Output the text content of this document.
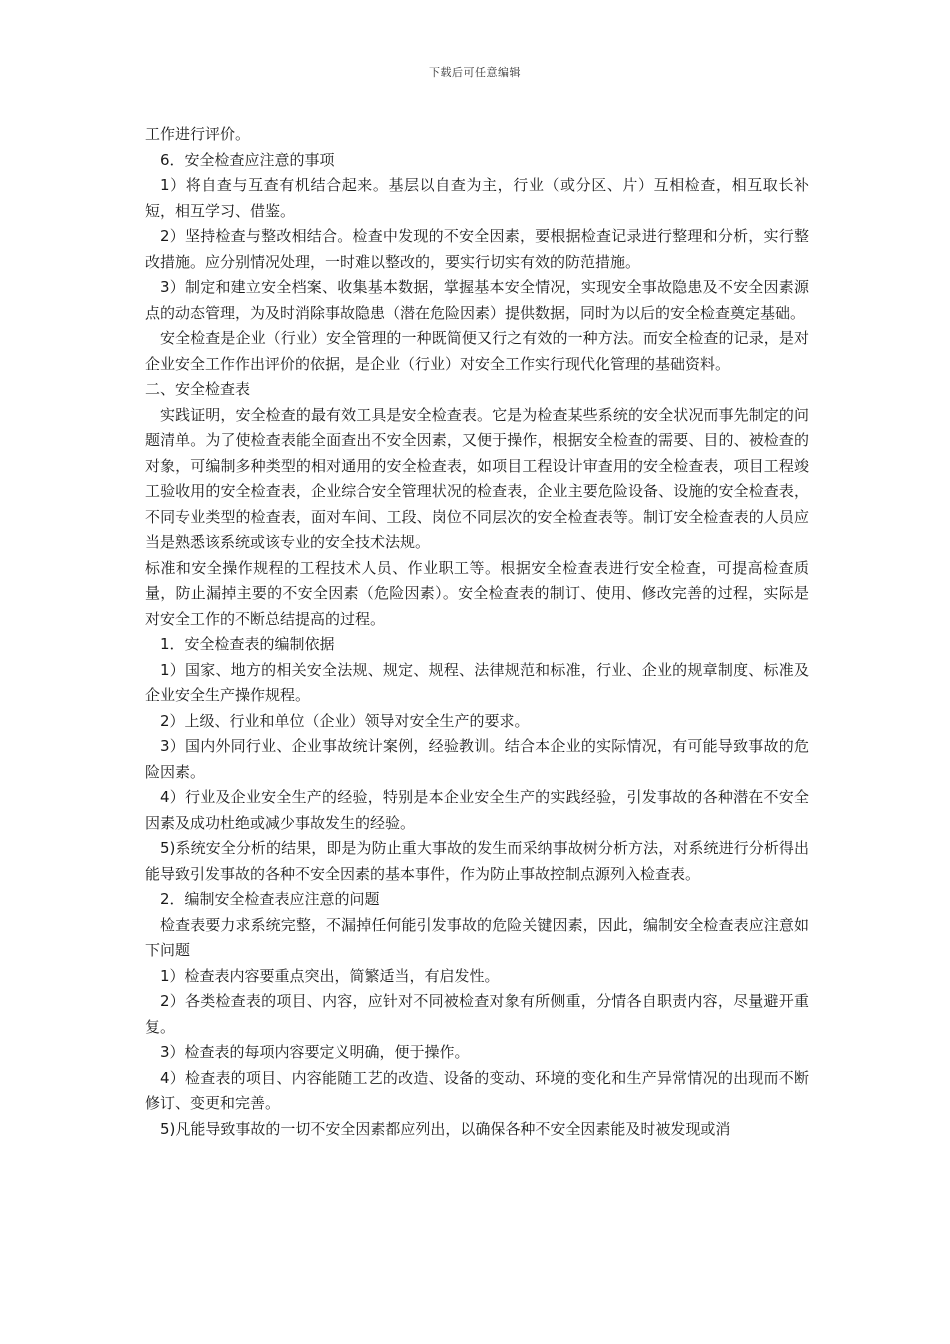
下载后可任意编辑

工作进行评价。

6．安全检查应注意的事项

1）将自查与互查有机结合起来。基层以自查为主，行业（或分区、片）互相检查，相互取长补短，相互学习、借鉴。

2）坚持检查与整改相结合。检查中发现的不安全因素，要根据检查记录进行整理和分析，实行整改措施。应分别情况处理，一时难以整改的，要实行切实有效的防范措施。

3）制定和建立安全档案、收集基本数据，掌握基本安全情况，实现安全事故隐患及不安全因素源点的动态管理，为及时消除事故隐患（潜在危险因素）提供数据，同时为以后的安全检查奠定基础。

安全检查是企业（行业）安全管理的一种既简便又行之有效的一种方法。而安全检查的记录，是对企业安全工作作出评价的依据，是企业（行业）对安全工作实行现代化管理的基础资料。

二、安全检查表

实践证明，安全检查的最有效工具是安全检查表。它是为检查某些系统的安全状况而事先制定的问题清单。为了使检查表能全面查出不安全因素，又便于操作，根据安全检查的需要、目的、被检查的对象，可编制多种类型的相对通用的安全检查表，如项目工程设计审查用的安全检查表，项目工程竣工验收用的安全检查表，企业综合安全管理状况的检查表，企业主要危险设备、设施的安全检查表，不同专业类型的检查表，面对车间、工段、岗位不同层次的安全检查表等。制订安全检查表的人员应当是熟悉该系统或该专业的安全技术法规。

标准和安全操作规程的工程技术人员、作业职工等。根据安全检查表进行安全检查，可提高检查质量，防止漏掉主要的不安全因素（危险因素）。安全检查表的制订、使用、修改完善的过程，实际是对安全工作的不断总结提高的过程。

1．安全检查表的编制依据

1）国家、地方的相关安全法规、规定、规程、法律规范和标准，行业、企业的规章制度、标准及企业安全生产操作规程。

2）上级、行业和单位（企业）领导对安全生产的要求。

3）国内外同行业、企业事故统计案例，经验教训。结合本企业的实际情况，有可能导致事故的危险因素。

4）行业及企业安全生产的经验，特别是本企业安全生产的实践经验，引发事故的各种潜在不安全因素及成功杜绝或减少事故发生的经验。

5)系统安全分析的结果，即是为防止重大事故的发生而采纳事故树分析方法，对系统进行分析得出能导致引发事故的各种不安全因素的基本事件，作为防止事故控制点源列入检查表。

2．编制安全检查表应注意的问题

检查表要力求系统完整，不漏掉任何能引发事故的危险关键因素，因此，编制安全检查表应注意如下问题

1）检查表内容要重点突出，简繁适当，有启发性。

2）各类检查表的项目、内容，应针对不同被检查对象有所侧重，分情各自职责内容，尽量避开重复。

3）检查表的每项内容要定义明确，便于操作。

4）检查表的项目、内容能随工艺的改造、设备的变动、环境的变化和生产异常情况的出现而不断修订、变更和完善。

5)凡能导致事故的一切不安全因素都应列出，以确保各种不安全因素能及时被发现或消
